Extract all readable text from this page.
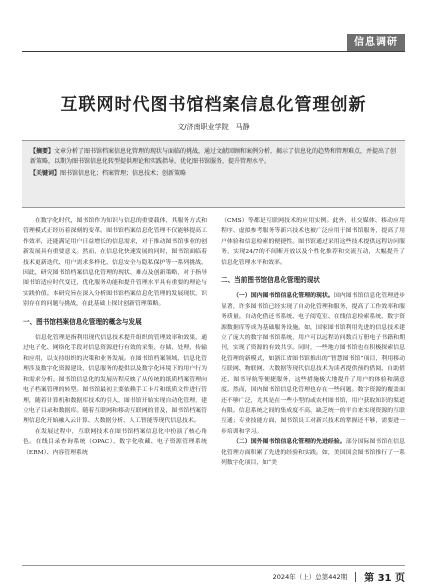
信息调研
互联网时代图书馆档案信息化管理创新
文/济南职业学院　马静
【摘要】文章分析了图书馆档案信息化管理的现状与面临的挑战，通过文献回顾和案例分析，揭示了信息化的趋势和管理难点，并提出了创新策略，以期为图书馆信息化转型提供理论和实践指导，优化图书馆服务，提升管理水平。
【关键词】图书馆信息化；档案管理；信息技术；创新策略

在数字化时代，图书馆作为知识与信息的重要载体，其服务方式和管理模式正经历着深刻的变革。图书馆档案信息化管理不仅能够提高工作效率，还能满足用户日益增长的信息需求，对于推动图书馆事业的创新发展具有重要意义。然而，在信息化快速发展的同时，图书馆面临着技术更新迭代、用户需求多样化、信息安全与隐私保护等一系列挑战。因此，研究图书馆档案信息化管理的现状、难点及创新策略，对于指导图书馆适应时代变迁，优化服务功能和提升管理水平具有重要的理论与实践价值。本研究旨在深入分析图书馆档案信息化管理的发展现状，识别存在的问题与挑战，在此基础上探讨创新管理策略。

一、图书馆档案信息化管理的概念与发展

信息化管理是指利用现代信息技术提升组织的管理效率和效果，通过电子化、网络化手段对信息资源进行有效的采集、存储、处理、传输和应用，以支持组织的决策和业务发展。在图书馆档案领域，信息化管理涉及数字化资源建设、信息服务的提供以及数字化环境下的用户行为和需求分析。图书馆信息化的发展历程反映了从传统的纸质档案管理向电子档案管理的转型。图书馆最初主要依赖手工卡片和纸质文件进行管理，随着计算机和数据库技术的引入，图书馆开始实现自动化管理，建立电子目录和数据库。随着互联网和移动互联网的普及，图书馆档案管理信息化开始融入云计算、大数据分析、人工智能等现代信息技术。

在发展过程中，互联网技术在图书馆档案信息化中扮演了核心角色。在线目录查询系统（OPAC）、数字化收藏、电子资源管理系统（ERM）、内容管理系统

（CMS）等都是互联网技术的应用实例。此外，社交媒体、移动应用程序、虚拟参考服务等新兴技术也被广泛应用于图书馆服务，提高了用户体验和信息检索的便捷性。图书馆通过采用这些技术提供远程访问服务，实现24/7的不间断开放以及个性化推荐和交流互动，大幅提升了信息化管理水平和效率。

二、当前图书馆信息化管理的现状

（一）国内图书馆信息化管理的现状。国内图书馆信息化管理进步显著，许多图书馆已经实现了自动化管理和服务，提高了工作效率和服务质量。自动化借还书系统、电子阅览室、在线信息检索系统、数字资源数据库等成为基础服务设施。如，国家图书馆利用先进的信息技术建立了庞大的数字图书馆系统，用户可以远程访问数百万册电子书籍和期刊，实现了资源的有效共享。同时，一些地方图书馆也在积极探索信息化管理的新模式，如浙江省图书馆推出的“智慧图书馆”项目，利用移动互联网、物联网、大数据等现代信息技术为读者提供预约借阅、自助借还、图书导航等便捷服务，这些措施极大地提升了用户的体验和满意度。然而，国内图书馆信息化管理也存在一些问题。数字资源的覆盖面还不够广泛，尤其是在一些小型的或农村图书馆，用户获取知识的渠道有限。信息系统之间的集成度不高，缺乏统一的平台来实现资源的互联互通；专业技能方面，图书馆员工对新兴技术的掌握还不够，需要进一步培训和学习。

（二）国外图书馆信息化管理的先进经验。部分国际图书馆在信息化管理方面积累了先进的经验和实践。如，美国国会图书馆推行了一系列数字化项目，如“美

2024年（上）总第442期 第 31 页
